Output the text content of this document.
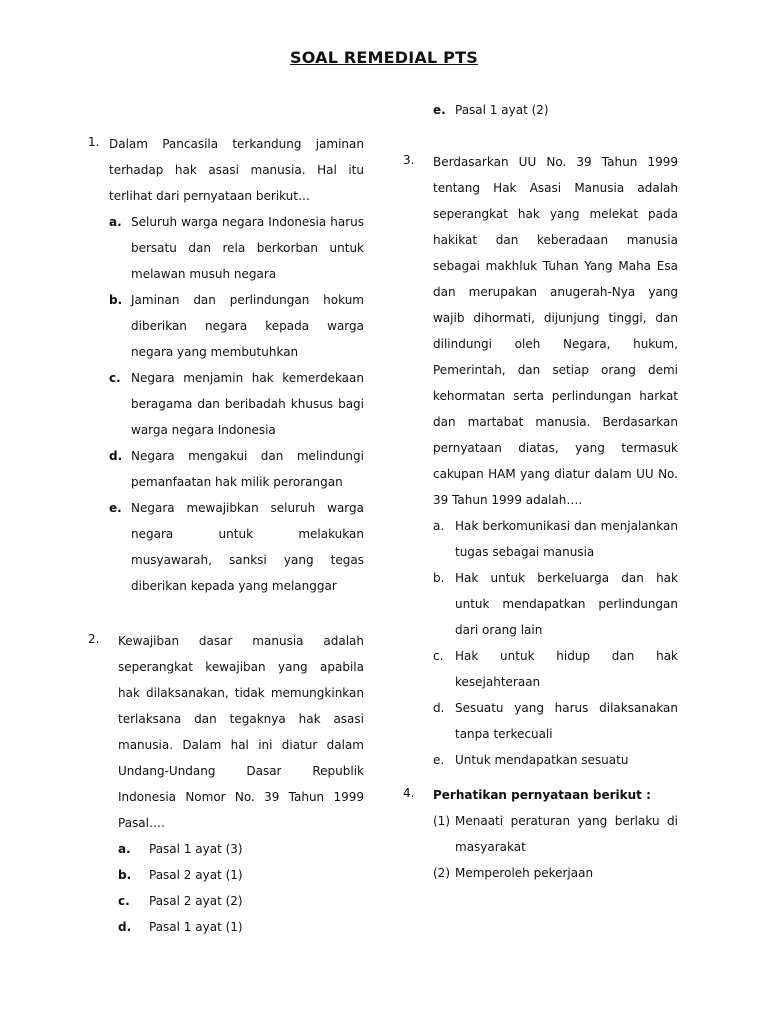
SOAL REMEDIAL PTS
1. Dalam Pancasila terkandung jaminan terhadap hak asasi manusia. Hal itu terlihat dari pernyataan berikut…
a. Seluruh warga negara Indonesia harus bersatu dan rela berkorban untuk melawan musuh negara
b. Jaminan dan perlindungan hokum diberikan negara kepada warga negara yang membutuhkan
c. Negara menjamin hak kemerdekaan beragama dan beribadah khusus bagi warga negara Indonesia
d. Negara mengakui dan melindungi pemanfaatan hak milik perorangan
e. Negara mewajibkan seluruh warga negara untuk melakukan musyawarah, sanksi yang tegas diberikan kepada yang melanggar
2. Kewajiban dasar manusia adalah seperangkat kewajiban yang apabila hak dilaksanakan, tidak memungkinkan terlaksana dan tegaknya hak asasi manusia. Dalam hal ini diatur dalam Undang-Undang Dasar Republik Indonesia Nomor No. 39 Tahun 1999 Pasal….
a. Pasal 1 ayat (3)
b. Pasal 2 ayat (1)
c. Pasal 2 ayat (2)
d. Pasal 1 ayat (1)
e. Pasal 1 ayat (2)
3. Berdasarkan UU No. 39 Tahun 1999 tentang Hak Asasi Manusia adalah seperangkat hak yang melekat pada hakikat dan keberadaan manusia sebagai makhluk Tuhan Yang Maha Esa dan merupakan anugerah-Nya yang wajib dihormati, dijunjung tinggi, dan dilindungi oleh Negara, hukum, Pemerintah, dan setiap orang demi kehormatan serta perlindungan harkat dan martabat manusia. Berdasarkan pernyataan diatas, yang termasuk cakupan HAM yang diatur dalam UU No. 39 Tahun 1999 adalah….
a. Hak berkomunikasi dan menjalankan tugas sebagai manusia
b. Hak untuk berkeluarga dan hak untuk mendapatkan perlindungan dari orang lain
c. Hak untuk hidup dan hak kesejahteraan
d. Sesuatu yang harus dilaksanakan tanpa terkecuali
e. Untuk mendapatkan sesuatu
4. Perhatikan pernyataan berikut :
(1) Menaati peraturan yang berlaku di masyarakat
(2) Memperoleh pekerjaan
